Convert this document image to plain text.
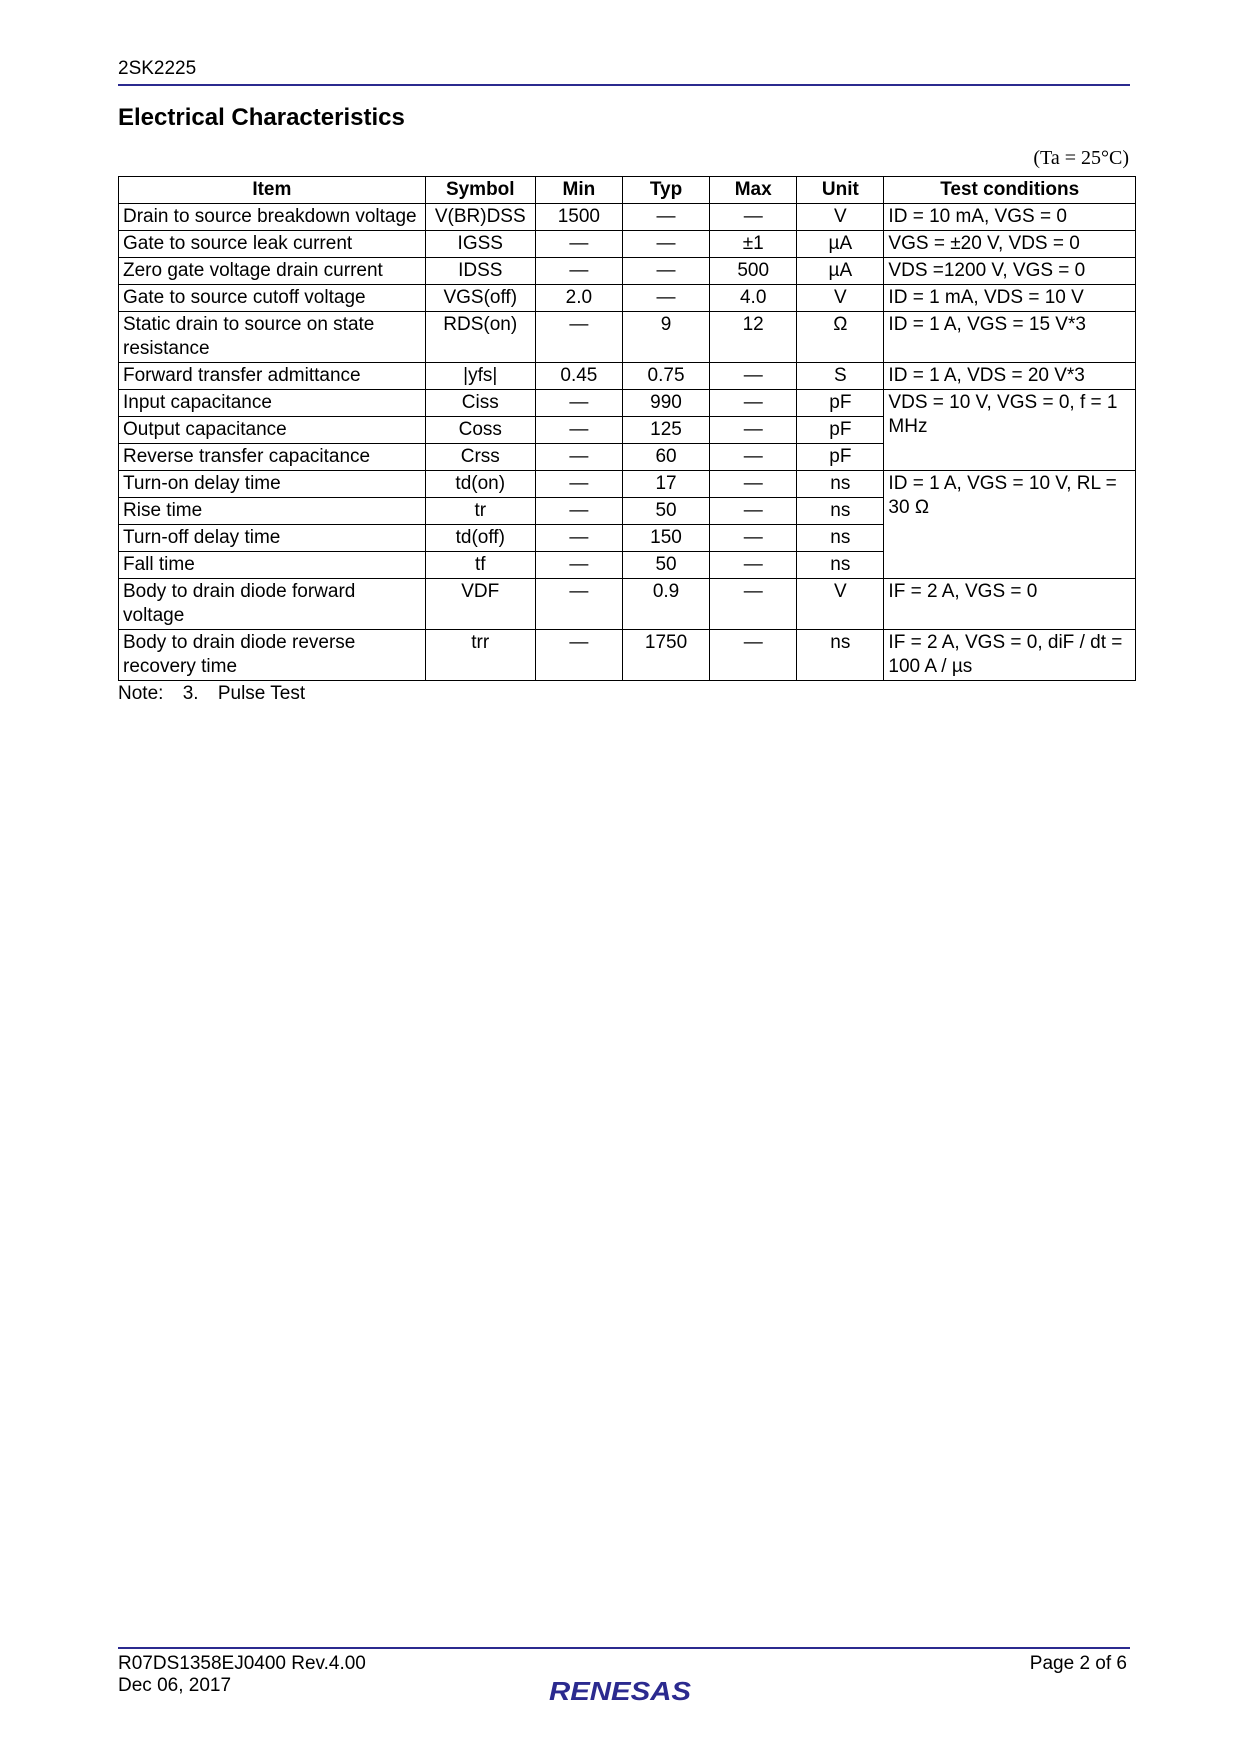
2SK2225
Electrical Characteristics
(Ta = 25°C)
Item	Symbol	Min	Typ	Max	Unit	Test conditions
Drain to source breakdown voltage	V(BR)DSS	1500	—	—	V	ID = 10 mA, VGS = 0
Gate to source leak current	IGSS	—	—	±1	µA	VGS = ±20 V, VDS = 0
Zero gate voltage drain current	IDSS	—	—	500	µA	VDS =1200 V, VGS = 0
Gate to source cutoff voltage	VGS(off)	2.0	—	4.0	V	ID = 1 mA, VDS = 10 V
Static drain to source on state resistance	RDS(on)	—	9	12	Ω	ID = 1 A, VGS = 15 V*3
Forward transfer admittance	|yfs|	0.45	0.75	—	S	ID = 1 A, VDS = 20 V*3
Input capacitance	Ciss	—	990	—	pF	VDS = 10 V, VGS = 0, f = 1 MHz
Output capacitance	Coss	—	125	—	pF	
Reverse transfer capacitance	Crss	—	60	—	pF	
Turn-on delay time	td(on)	—	17	—	ns	ID = 1 A, VGS = 10 V, RL = 30 Ω
Rise time	tr	—	50	—	ns	
Turn-off delay time	td(off)	—	150	—	ns	
Fall time	tf	—	50	—	ns	
Body to drain diode forward voltage	VDF	—	0.9	—	V	IF = 2 A, VGS = 0
Body to drain diode reverse recovery time	trr	—	1750	—	ns	IF = 2 A, VGS = 0, diF / dt = 100 A / µs
Note: 3. Pulse Test
R07DS1358EJ0400 Rev.4.00
Dec 06, 2017
Page 2 of 6
RENESAS
